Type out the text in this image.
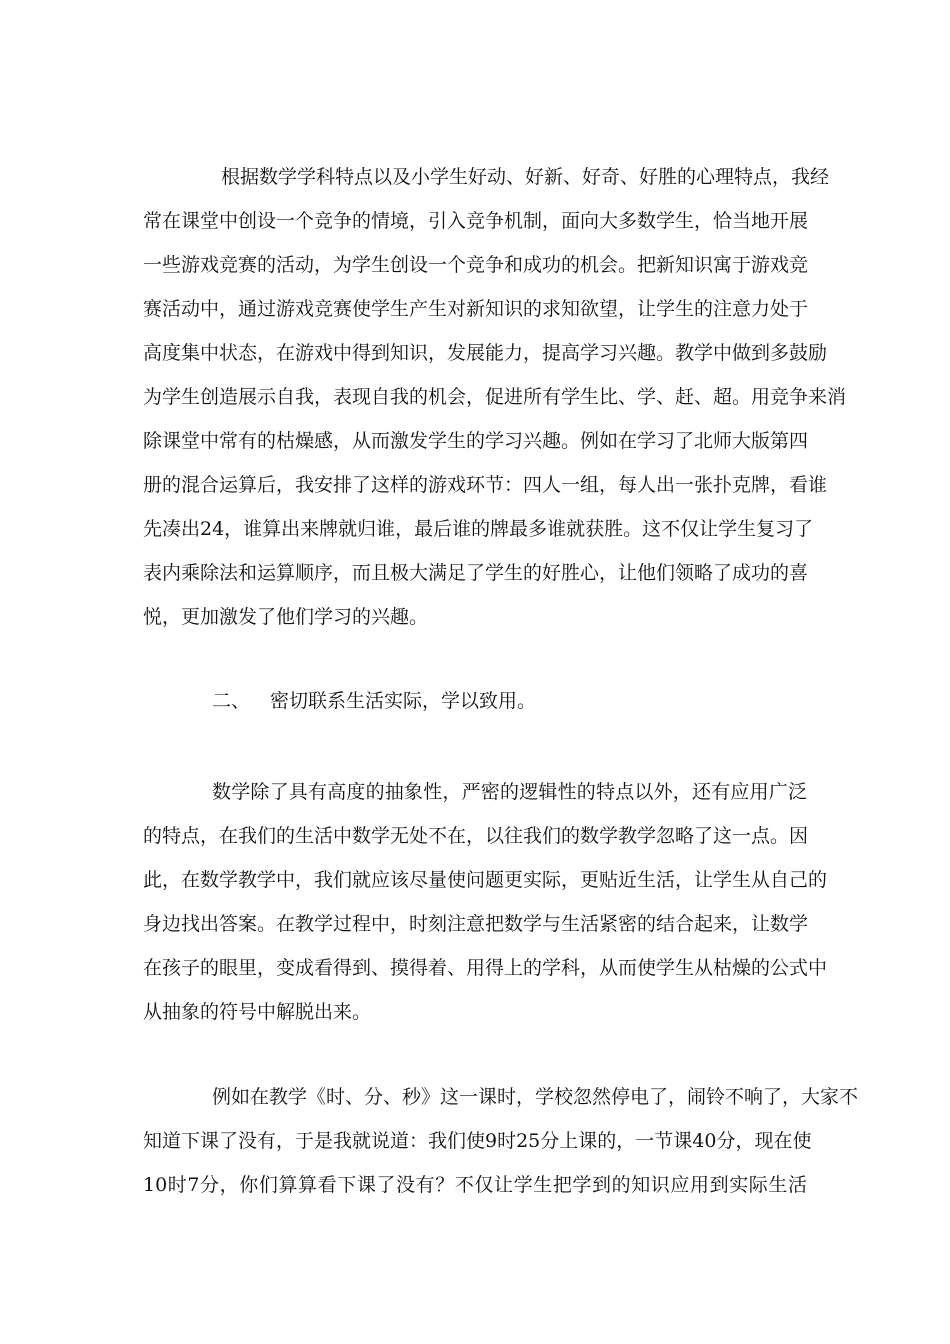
根据数学学科特点以及小学生好动、好新、好奇、好胜的心理特点，我经
常在课堂中创设一个竞争的情境，引入竞争机制，面向大多数学生，恰当地开展
一些游戏竞赛的活动，为学生创设一个竞争和成功的机会。把新知识寓于游戏竞
赛活动中，通过游戏竞赛使学生产生对新知识的求知欲望，让学生的注意力处于
高度集中状态，在游戏中得到知识，发展能力，提高学习兴趣。教学中做到多鼓励
为学生创造展示自我，表现自我的机会，促进所有学生比、学、赶、超。用竞争来消
除课堂中常有的枯燥感，从而激发学生的学习兴趣。例如在学习了北师大版第四
册的混合运算后，我安排了这样的游戏环节：四人一组，每人出一张扑克牌，看谁
先凑出24，谁算出来牌就归谁，最后谁的牌最多谁就获胜。这不仅让学生复习了
表内乘除法和运算顺序，而且极大满足了学生的好胜心，让他们领略了成功的喜
悦，更加激发了他们学习的兴趣。
二、 密切联系生活实际，学以致用。
数学除了具有高度的抽象性，严密的逻辑性的特点以外，还有应用广泛
的特点，在我们的生活中数学无处不在，以往我们的数学教学忽略了这一点。因
此，在数学教学中，我们就应该尽量使问题更实际，更贴近生活，让学生从自己的
身边找出答案。在教学过程中，时刻注意把数学与生活紧密的结合起来，让数学
在孩子的眼里，变成看得到、摸得着、用得上的学科，从而使学生从枯燥的公式中
从抽象的符号中解脱出来。
例如在教学《时、分、秒》这一课时，学校忽然停电了，闹铃不响了，大家不
知道下课了没有，于是我就说道：我们使9时25分上课的，一节课40分，现在使
10时7分，你们算算看下课了没有？不仅让学生把学到的知识应用到实际生活
